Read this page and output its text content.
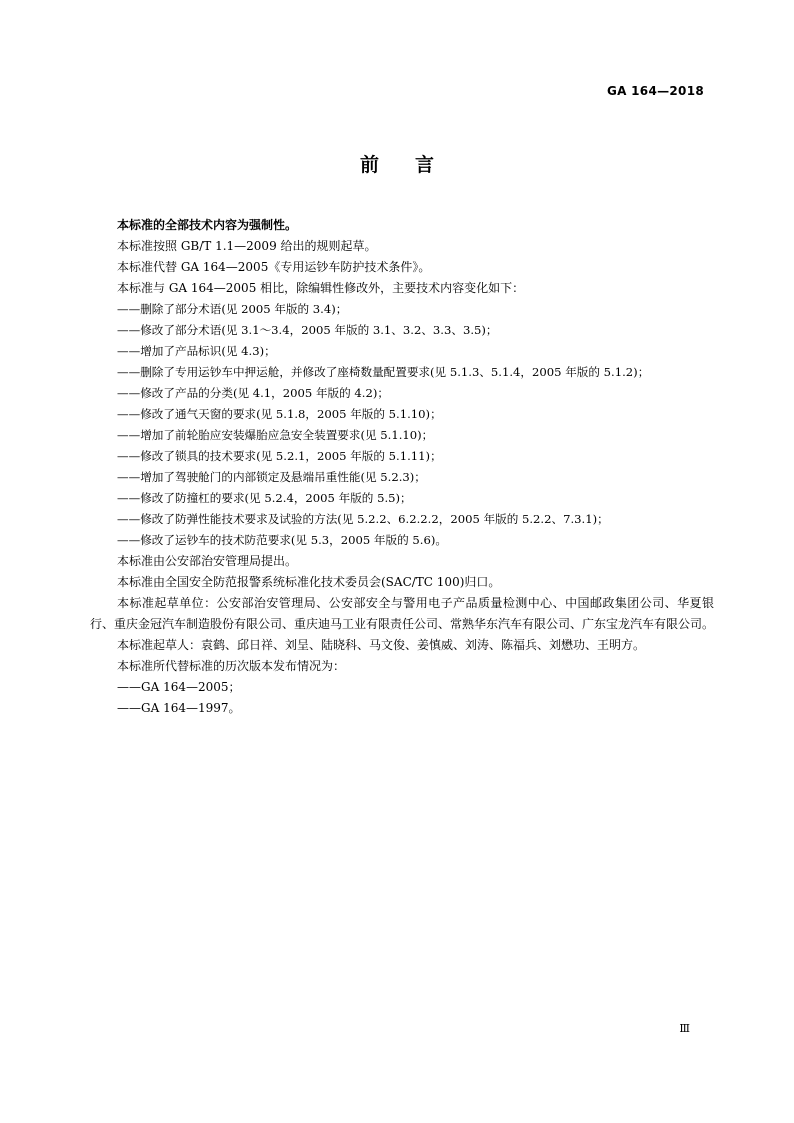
GA 164—2018
前言

本标准的全部技术内容为强制性。

本标准按照 GB/T 1.1—2009 给出的规则起草。

本标准代替 GA 164—2005《专用运钞车防护技术条件》。

本标准与 GA 164—2005 相比，除编辑性修改外，主要技术内容变化如下：

——删除了部分术语(见 2005 年版的 3.4)；

——修改了部分术语(见 3.1～3.4，2005 年版的 3.1、3.2、3.3、3.5)；

——增加了产品标识(见 4.3)；

——删除了专用运钞车中押运舱，并修改了座椅数量配置要求(见 5.1.3、5.1.4，2005 年版的 5.1.2)；

——修改了产品的分类(见 4.1，2005 年版的 4.2)；

——修改了通气天窗的要求(见 5.1.8，2005 年版的 5.1.10)；

——增加了前轮胎应安装爆胎应急安全装置要求(见 5.1.10)；

——修改了锁具的技术要求(见 5.2.1，2005 年版的 5.1.11)；

——增加了驾驶舱门的内部锁定及悬端吊重性能(见 5.2.3)；

——修改了防撞杠的要求(见 5.2.4，2005 年版的 5.5)；

——修改了防弹性能技术要求及试验的方法(见 5.2.2、6.2.2.2，2005 年版的 5.2.2、7.3.1)；

——修改了运钞车的技术防范要求(见 5.3，2005 年版的 5.6)。

本标准由公安部治安管理局提出。

本标准由全国安全防范报警系统标准化技术委员会(SAC/TC 100)归口。

本标准起草单位：公安部治安管理局、公安部安全与警用电子产品质量检测中心、中国邮政集团公司、华夏银行、重庆金冠汽车制造股份有限公司、重庆迪马工业有限责任公司、常熟华东汽车有限公司、广东宝龙汽车有限公司。

本标准起草人：袁鹤、邱日祥、刘呈、陆晓科、马文俊、姜慎威、刘涛、陈福兵、刘懋功、王明方。

本标准所代替标准的历次版本发布情况为：

——GA 164—2005；

——GA 164—1997。

Ⅲ
